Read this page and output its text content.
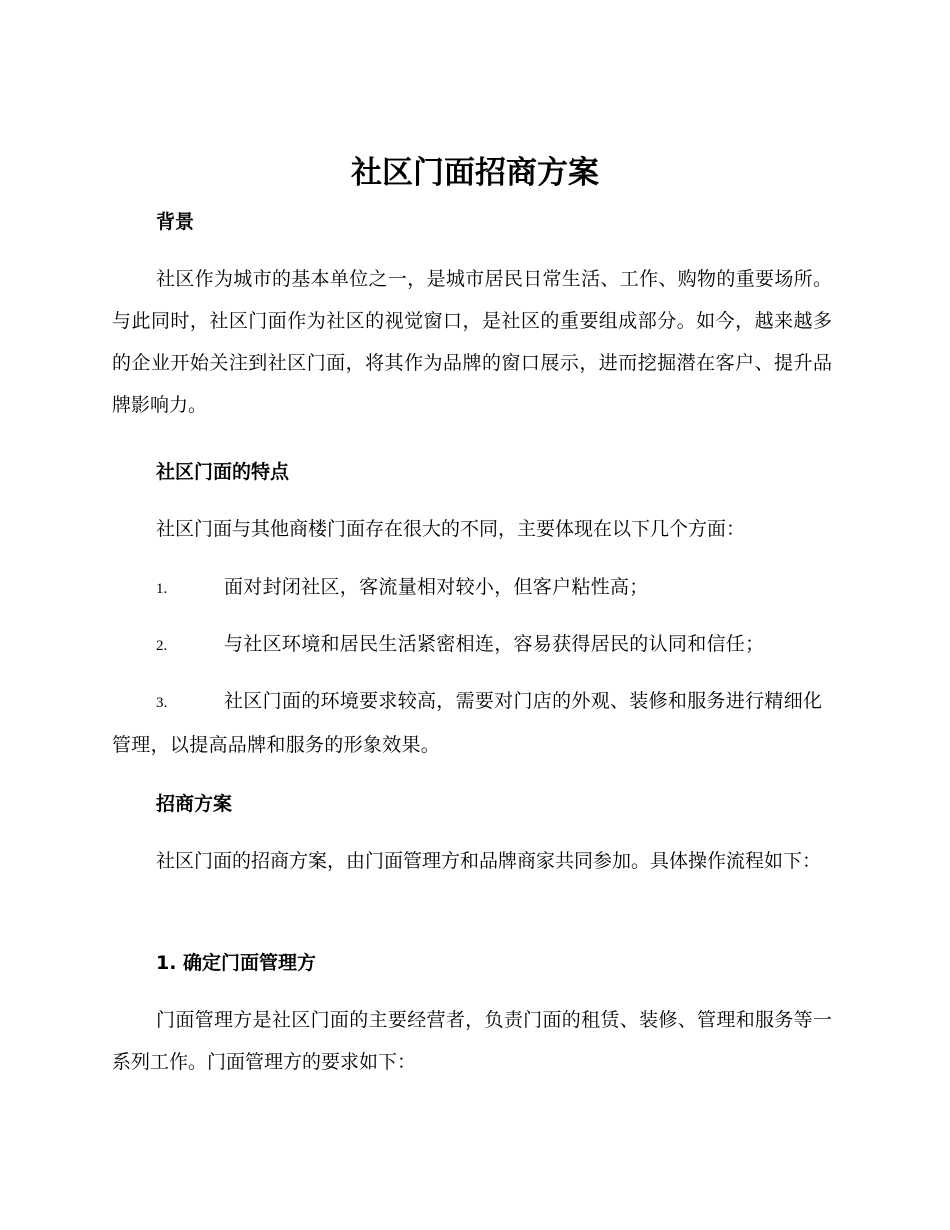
社区门面招商方案
背景

社区作为城市的基本单位之一，是城市居民日常生活、工作、购物的重要场所。与此同时，社区门面作为社区的视觉窗口，是社区的重要组成部分。如今，越来越多的企业开始关注到社区门面，将其作为品牌的窗口展示，进而挖掘潜在客户、提升品牌影响力。

社区门面的特点

社区门面与其他商楼门面存在很大的不同，主要体现在以下几个方面：

1.	面对封闭社区，客流量相对较小，但客户粘性高；
2.	与社区环境和居民生活紧密相连，容易获得居民的认同和信任；
3.	社区门面的环境要求较高，需要对门店的外观、装修和服务进行精细化管理，以提高品牌和服务的形象效果。
招商方案

社区门面的招商方案，由门面管理方和品牌商家共同参加。具体操作流程如下：

1. 确定门面管理方

门面管理方是社区门面的主要经营者，负责门面的租赁、装修、管理和服务等一系列工作。门面管理方的要求如下：
